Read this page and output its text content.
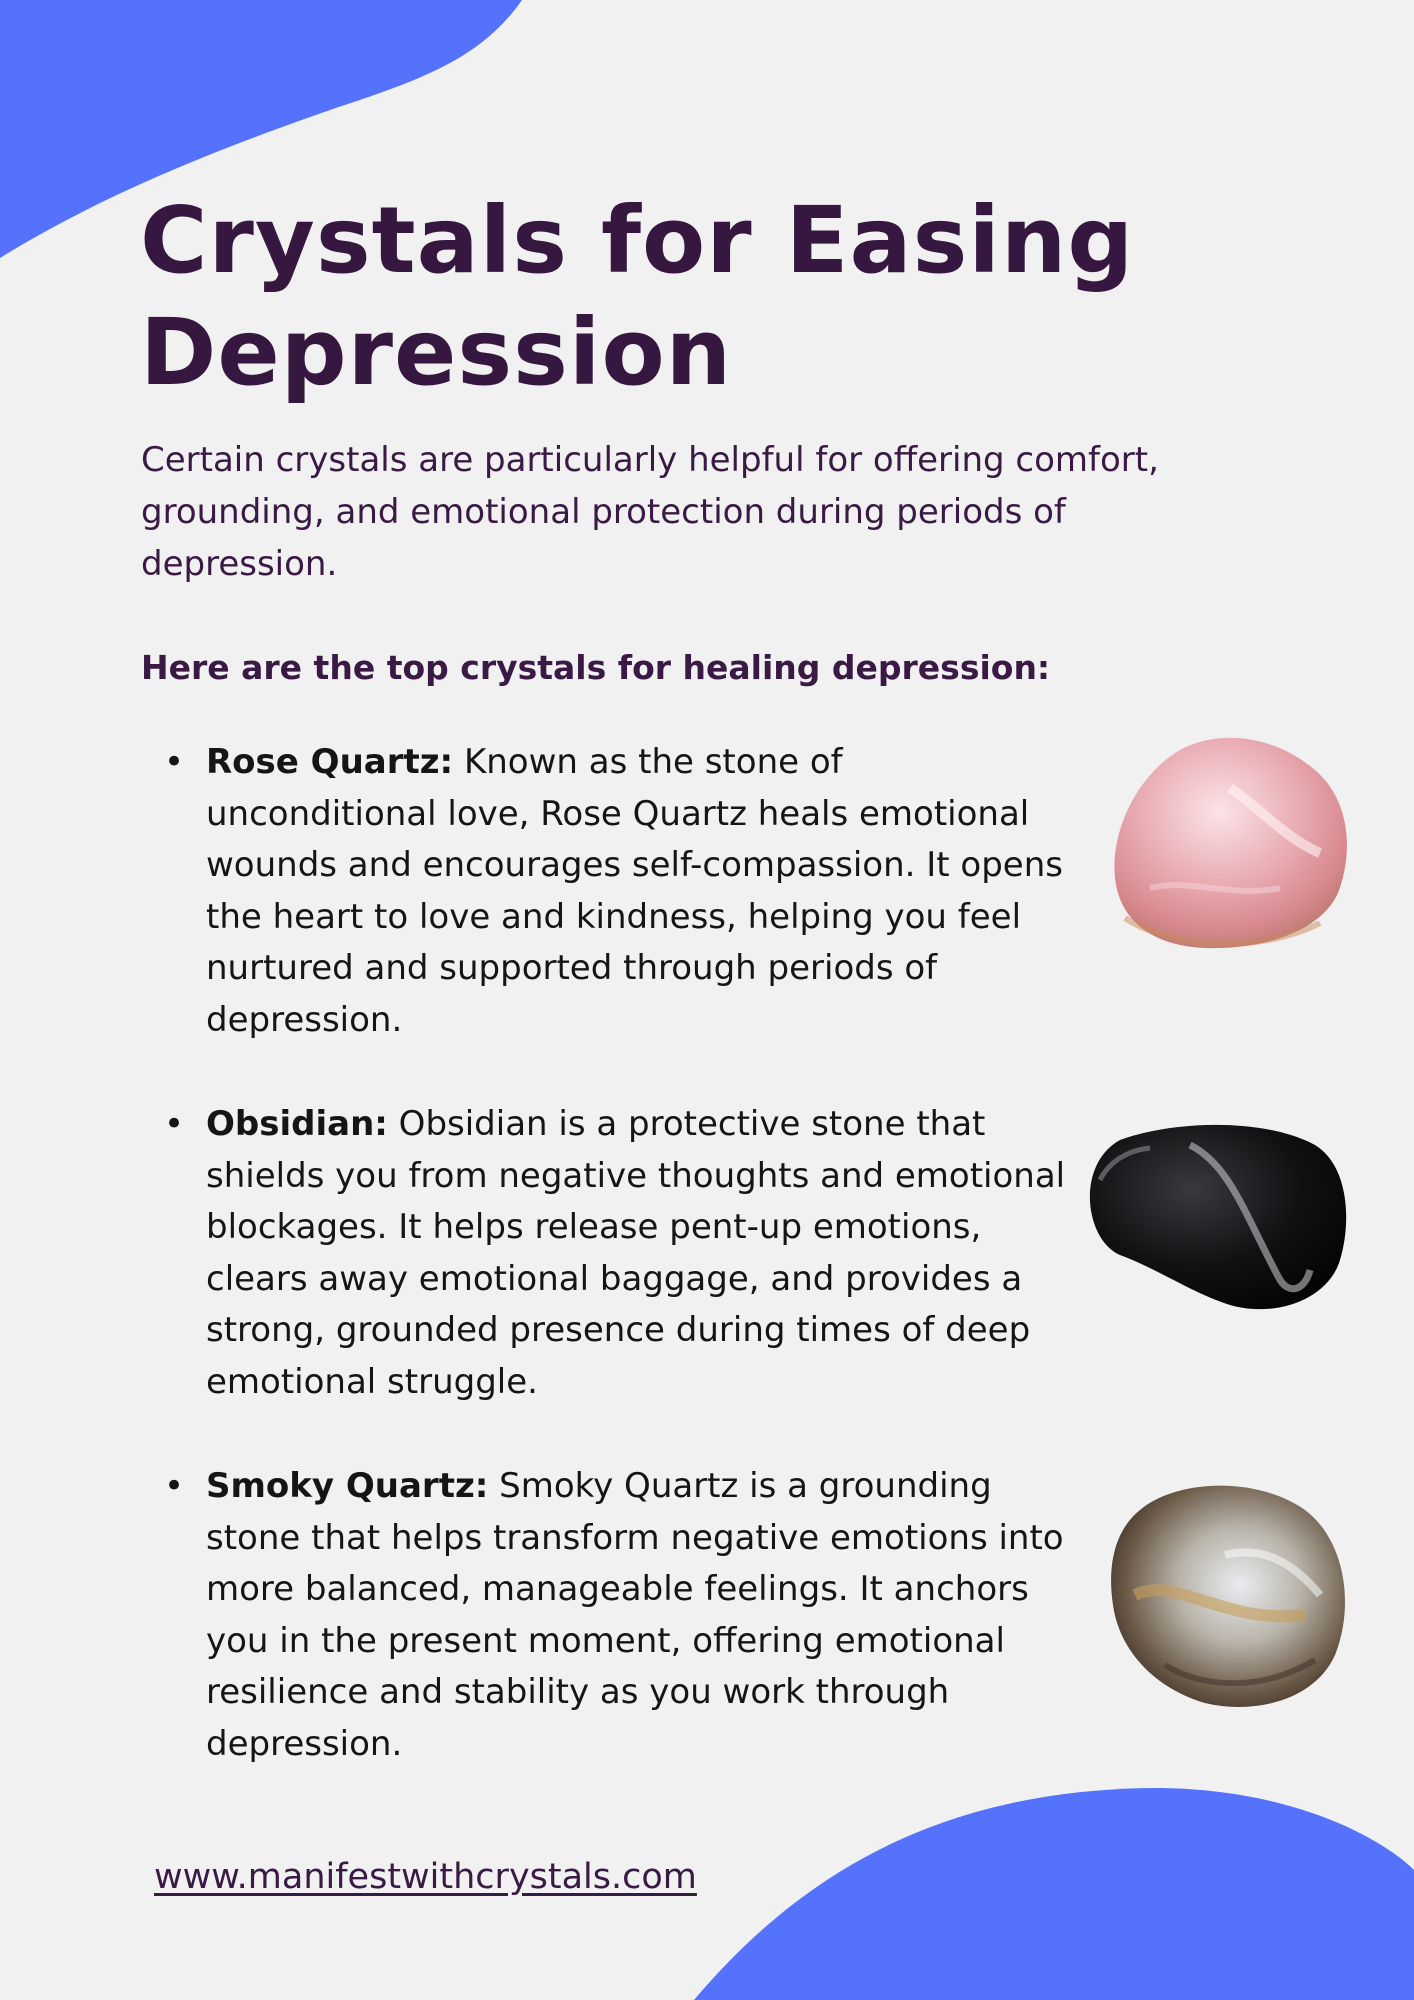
Crystals for Easing Depression

Certain crystals are particularly helpful for offering comfort, grounding, and emotional protection during periods of depression.

Here are the top crystals for healing depression:
• Rose Quartz: Known as the stone of unconditional love, Rose Quartz heals emotional wounds and encourages self-compassion. It opens the heart to love and kindness, helping you feel nurtured and supported through periods of depression.

• Obsidian: Obsidian is a protective stone that shields you from negative thoughts and emotional blockages. It helps release pent-up emotions, clears away emotional baggage, and provides a strong, grounded presence during times of deep emotional struggle.

• Smoky Quartz: Smoky Quartz is a grounding stone that helps transform negative emotions into more balanced, manageable feelings. It anchors you in the present moment, offering emotional resilience and stability as you work through depression.

www.manifestwithcrystals.com
